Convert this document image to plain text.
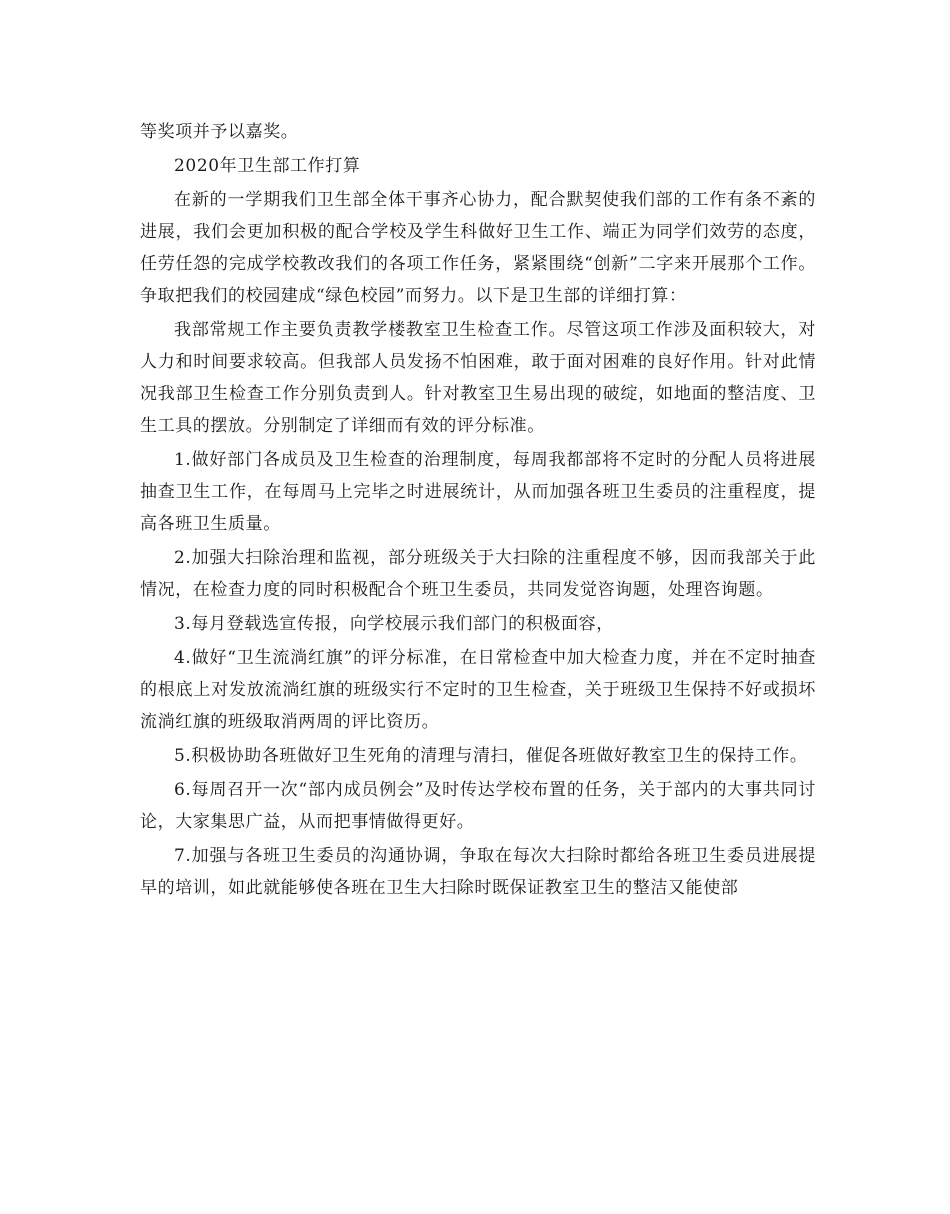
等奖项并予以嘉奖。

2020年卫生部工作打算

在新的一学期我们卫生部全体干事齐心协力，配合默契使我们部的工作有条不紊的进展，我们会更加积极的配合学校及学生科做好卫生工作、端正为同学们效劳的态度，任劳任怨的完成学校教改我们的各项工作任务，紧紧围绕“创新”二字来开展那个工作。争取把我们的校园建成“绿色校园”而努力。以下是卫生部的详细打算：

我部常规工作主要负责教学楼教室卫生检查工作。尽管这项工作涉及面积较大，对人力和时间要求较高。但我部人员发扬不怕困难，敢于面对困难的良好作用。针对此情况我部卫生检查工作分别负责到人。针对教室卫生易出现的破绽，如地面的整洁度、卫生工具的摆放。分别制定了详细而有效的评分标准。

1.做好部门各成员及卫生检查的治理制度，每周我都部将不定时的分配人员将进展抽查卫生工作，在每周马上完毕之时进展统计，从而加强各班卫生委员的注重程度，提高各班卫生质量。

2.加强大扫除治理和监视，部分班级关于大扫除的注重程度不够，因而我部关于此情况，在检查力度的同时积极配合个班卫生委员，共同发觉咨询题，处理咨询题。

3.每月登载选宣传报，向学校展示我们部门的积极面容，

4.做好“卫生流淌红旗”的评分标准，在日常检查中加大检查力度，并在不定时抽查的根底上对发放流淌红旗的班级实行不定时的卫生检查，关于班级卫生保持不好或损坏流淌红旗的班级取消两周的评比资历。

5.积极协助各班做好卫生死角的清理与清扫，催促各班做好教室卫生的保持工作。

6.每周召开一次“部内成员例会”及时传达学校布置的任务，关于部内的大事共同讨论，大家集思广益，从而把事情做得更好。

7.加强与各班卫生委员的沟通协调，争取在每次大扫除时都给各班卫生委员进展提早的培训，如此就能够使各班在卫生大扫除时既保证教室卫生的整洁又能使部
